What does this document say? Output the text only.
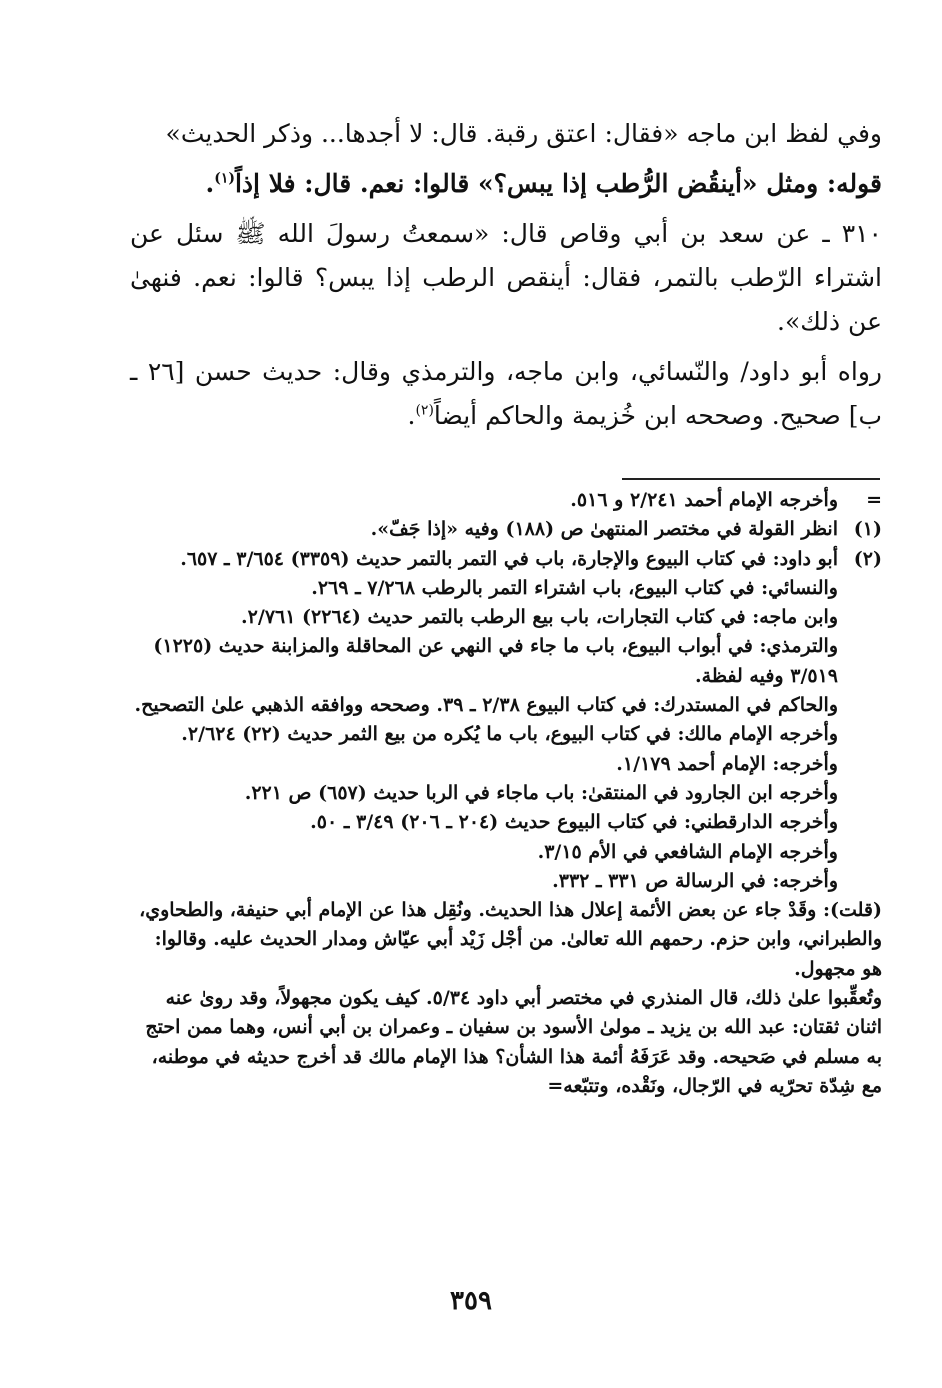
وفي لفظ ابن ماجه «فقال: اعتق رقبة. قال: لا أجدها... وذكر الحديث»

قوله: ومثل «أينقُض الرُّطب إذا يبس؟» قالوا: نعم. قال: فلا إذاً$^{(١)}$.

٣١٠ ـ عن سعد بن أبي وقاص قال: «سمعتُ رسولَ الله ﷺ سئل عن اشتراء الرّطب بالتمر، فقال: أينقص الرطب إذا يبس؟ قالوا: نعم. فنهىٰ عن ذلك».

رواه أبو داود/ والنّسائي، وابن ماجه، والترمذي وقال: حديث حسن [٢٦ ـ ب] صحيح. وصححه ابن خُزيمة والحاكم أيضاً$^{(٢)}$.

=
وأخرجه الإمام أحمد ٢/٢٤١ و ٥١٦.
(١)
انظر القولة في مختصر المنتهىٰ ص (١٨٨) وفيه «إذا جَفّ».
(٢)
أبو داود: في كتاب البيوع والإجارة، باب في التمر بالتمر حديث (٣٣٥٩) ٣/٦٥٤ ـ ٦٥٧.
والنسائي: في كتاب البيوع، باب اشتراء التمر بالرطب ٧/٢٦٨ ـ ٢٦٩.
وابن ماجه: في كتاب التجارات، باب بيع الرطب بالتمر حديث (٢٢٦٤) ٢/٧٦١.
والترمذي: في أبواب البيوع، باب ما جاء في النهي عن المحاقلة والمزابنة حديث (١٢٢٥) ٣/٥١٩ وفيه لفظة.
والحاكم في المستدرك: في كتاب البيوع ٢/٣٨ ـ ٣٩. وصححه ووافقه الذهبي علىٰ التصحيح.
وأخرجه الإمام مالك: في كتاب البيوع، باب ما يُكره من بيع الثمر حديث (٢٢) ٢/٦٢٤.
وأخرجه: الإمام أحمد ١/١٧٩.
وأخرجه ابن الجارود في المنتقىٰ: باب ماجاء في الربا حديث (٦٥٧) ص ٢٢١.
وأخرجه الدارقطني: في كتاب البيوع حديث (٢٠٤ ـ ٢٠٦) ٣/٤٩ ـ ٥٠.
وأخرجه الإمام الشافعي في الأم ٣/١٥.
وأخرجه: في الرسالة ص ٣٣١ ـ ٣٣٢.
(قلت): وقَدْ جاء عن بعض الأئمة إعلال هذا الحديث. ونُقِل هذا عن الإمام أبي حنيفة، والطحاوي، والطبراني، وابن حزم. رحمهم الله تعالىٰ. من أجْل زَيْد أبي عيّاش ومدار الحديث عليه. وقالوا: هو مجهول.
وتُعقِّبوا علىٰ ذلك، قال المنذري في مختصر أبي داود ٥/٣٤. كيف يكون مجهولاً، وقد روىٰ عنه اثنان ثقتان: عبد الله بن يزيد ـ مولىٰ الأسود بن سفيان ـ وعمران بن أبي أنس، وهما ممن احتج به مسلم في صَحيحه. وقد عَرَفَهُ أئمة هذا الشأن؟ هذا الإمام مالك قد أخرج حديثه في موطنه، مع شِدّة تحرّيه في الرّجال، ونَقْده، وتتبّعه=
٣٥٩
